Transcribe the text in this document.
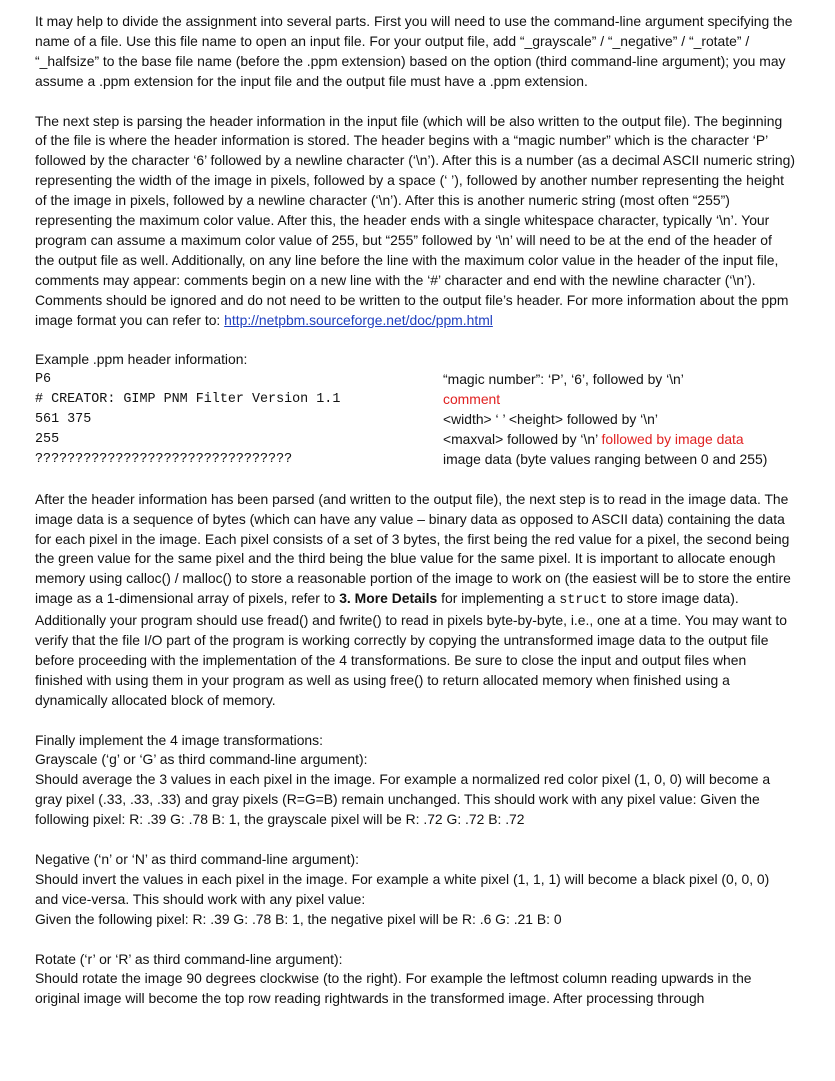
It may help to divide the assignment into several parts. First you will need to use the command-line argument specifying the name of a file. Use this file name to open an input file. For your output file, add “_grayscale” / “_negative” / “_rotate” / “_halfsize” to the base file name (before the .ppm extension) based on the option (third command-line argument); you may assume a .ppm extension for the input file and the output file must have a .ppm extension.

The next step is parsing the header information in the input file (which will be also written to the output file). The beginning of the file is where the header information is stored. The header begins with a “magic number” which is the character ‘P’ followed by the character ‘6’ followed by a newline character (‘\n’). After this is a number (as a decimal ASCII numeric string) representing the width of the image in pixels, followed by a space (‘ ’), followed by another number representing the height of the image in pixels, followed by a newline character (‘\n’). After this is another numeric string (most often “255”) representing the maximum color value. After this, the header ends with a single whitespace character, typically ‘\n’. Your program can assume a maximum color value of 255, but “255” followed by ‘\n’ will need to be at the end of the header of the output file as well. Additionally, on any line before the line with the maximum color value in the header of the input file, comments may appear: comments begin on a new line with the ‘#’ character and end with the newline character (‘\n’). Comments should be ignored and do not need to be written to the output file’s header. For more information about the ppm image format you can refer to: http://netpbm.sourceforge.net/doc/ppm.html

Example .ppm header information:

P6	“magic number”: ‘P’, ‘6’, followed by ‘\n’
# CREATOR: GIMP PNM Filter Version 1.1	comment
561 375	<width> ‘ ’ <height> followed by ‘\n’
255	<maxval> followed by ‘\n’ followed by image data
????????????????????????????????	image data (byte values ranging between 0 and 255)

After the header information has been parsed (and written to the output file), the next step is to read in the image data. The image data is a sequence of bytes (which can have any value – binary data as opposed to ASCII data) containing the data for each pixel in the image. Each pixel consists of a set of 3 bytes, the first being the red value for a pixel, the second being the green value for the same pixel and the third being the blue value for the same pixel. It is important to allocate enough memory using calloc() / malloc() to store a reasonable portion of the image to work on (the easiest will be to store the entire image as a 1-dimensional array of pixels, refer to 3. More Details for implementing a struct to store image data). Additionally your program should use fread() and fwrite() to read in pixels byte-by-byte, i.e., one at a time. You may want to verify that the file I/O part of the program is working correctly by copying the untransformed image data to the output file before proceeding with the implementation of the 4 transformations. Be sure to close the input and output files when finished with using them in your program as well as using free() to return allocated memory when finished using a dynamically allocated block of memory.

Finally implement the 4 image transformations:

Grayscale (‘g’ or ‘G’ as third command-line argument):

Should average the 3 values in each pixel in the image. For example a normalized red color pixel (1, 0, 0) will become a gray pixel (.33, .33, .33) and gray pixels (R=G=B) remain unchanged. This should work with any pixel value: Given the following pixel: R: .39 G: .78 B: 1, the grayscale pixel will be R: .72 G: .72 B: .72

Negative (‘n’ or ‘N’ as third command-line argument):

Should invert the values in each pixel in the image. For example a white pixel (1, 1, 1) will become a black pixel (0, 0, 0) and vice-versa. This should work with any pixel value:

Given the following pixel: R: .39 G: .78 B: 1, the negative pixel will be R: .6 G: .21 B: 0

Rotate (‘r’ or ‘R’ as third command-line argument):

Should rotate the image 90 degrees clockwise (to the right). For example the leftmost column reading upwards in the original image will become the top row reading rightwards in the transformed image. After processing through
